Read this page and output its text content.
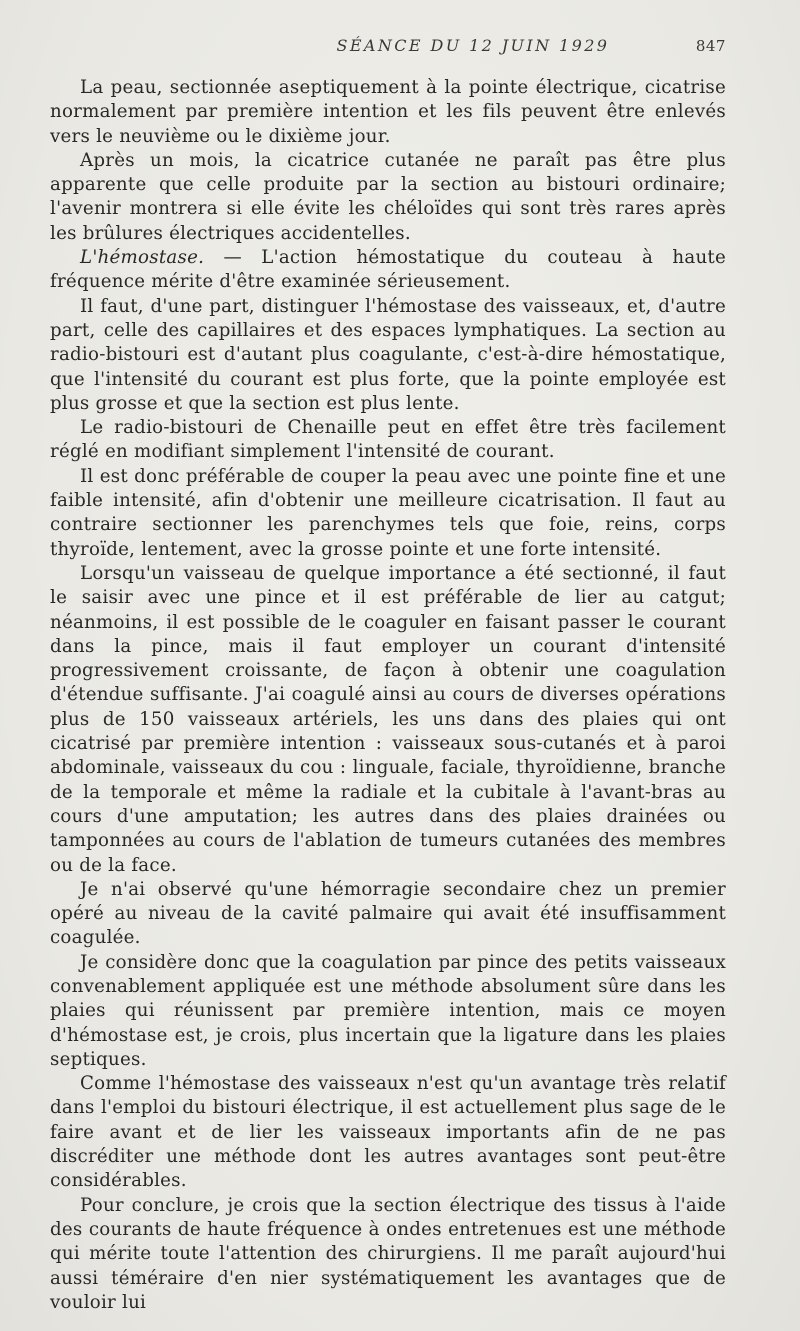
SÉANCE DU 12 JUIN 1929	847

La peau, sectionnée aseptiquement à la pointe électrique, cicatrise normalement par première intention et les fils peuvent être enlevés vers le neuvième ou le dixième jour.

Après un mois, la cicatrice cutanée ne paraît pas être plus apparente que celle produite par la section au bistouri ordinaire; l'avenir montrera si elle évite les chéloïdes qui sont très rares après les brûlures électriques accidentelles.

L'hémostase. — L'action hémostatique du couteau à haute fréquence mérite d'être examinée sérieusement.

Il faut, d'une part, distinguer l'hémostase des vaisseaux, et, d'autre part, celle des capillaires et des espaces lymphatiques. La section au radio-bistouri est d'autant plus coagulante, c'est-à-dire hémostatique, que l'intensité du courant est plus forte, que la pointe employée est plus grosse et que la section est plus lente.

Le radio-bistouri de Chenaille peut en effet être très facilement réglé en modifiant simplement l'intensité de courant.

Il est donc préférable de couper la peau avec une pointe fine et une faible intensité, afin d'obtenir une meilleure cicatrisation. Il faut au contraire sectionner les parenchymes tels que foie, reins, corps thyroïde, lentement, avec la grosse pointe et une forte intensité.

Lorsqu'un vaisseau de quelque importance a été sectionné, il faut le saisir avec une pince et il est préférable de lier au catgut; néanmoins, il est possible de le coaguler en faisant passer le courant dans la pince, mais il faut employer un courant d'intensité progressivement croissante, de façon à obtenir une coagulation d'étendue suffisante. J'ai coagulé ainsi au cours de diverses opérations plus de 150 vaisseaux artériels, les uns dans des plaies qui ont cicatrisé par première intention : vaisseaux sous-cutanés et à paroi abdominale, vaisseaux du cou : linguale, faciale, thyroïdienne, branche de la temporale et même la radiale et la cubitale à l'avant-bras au cours d'une amputation; les autres dans des plaies drainées ou tamponnées au cours de l'ablation de tumeurs cutanées des membres ou de la face.

Je n'ai observé qu'une hémorragie secondaire chez un premier opéré au niveau de la cavité palmaire qui avait été insuffisamment coagulée.

Je considère donc que la coagulation par pince des petits vaisseaux convenablement appliquée est une méthode absolument sûre dans les plaies qui réunissent par première intention, mais ce moyen d'hémostase est, je crois, plus incertain que la ligature dans les plaies septiques.

Comme l'hémostase des vaisseaux n'est qu'un avantage très relatif dans l'emploi du bistouri électrique, il est actuellement plus sage de le faire avant et de lier les vaisseaux importants afin de ne pas discréditer une méthode dont les autres avantages sont peut-être considérables.

Pour conclure, je crois que la section électrique des tissus à l'aide des courants de haute fréquence à ondes entretenues est une méthode qui mérite toute l'attention des chirurgiens. Il me paraît aujourd'hui aussi téméraire d'en nier systématiquement les avantages que de vouloir lui
